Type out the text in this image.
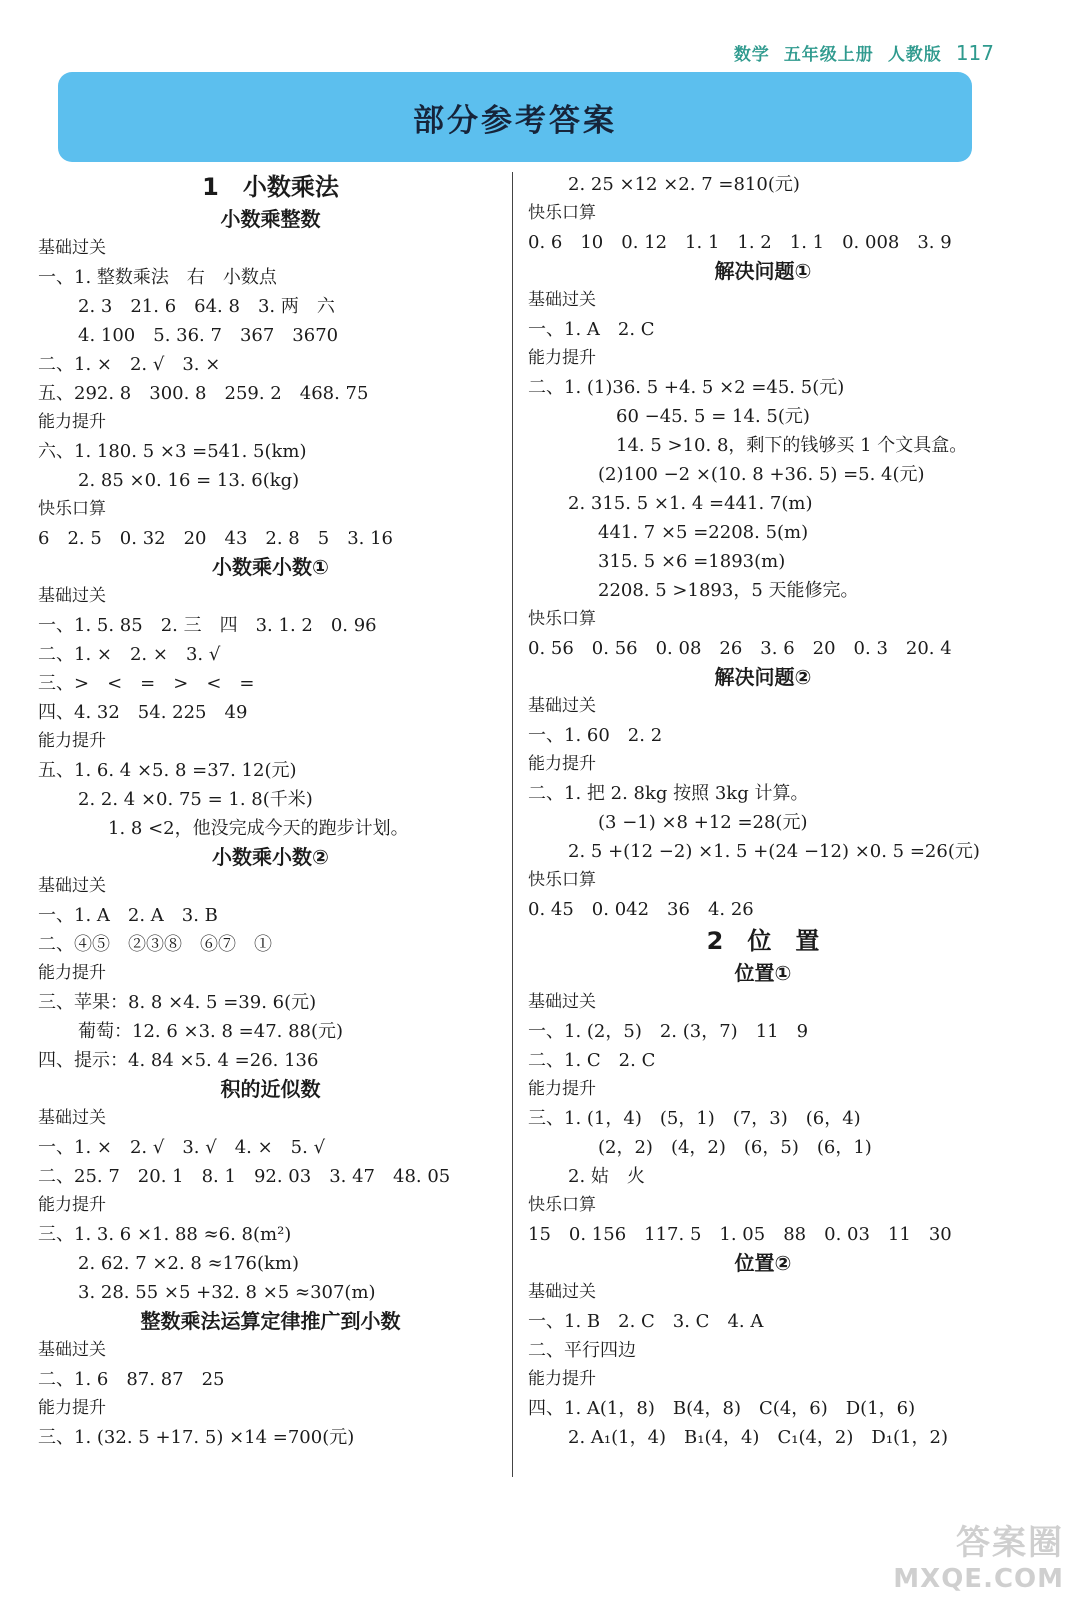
数学 五年级上册 人教版 117
部分参考答案
1　小数乘法
小数乘整数
基础过关
一、1. 整数乘法　右　小数点
2. 3　21. 6　64. 8　3. 两　六
4. 100　5. 36. 7　367　3670
二、1. ×　2. √　3. ×
五、292. 8　300. 8　259. 2　468. 75
能力提升
六、1. 180. 5 ×3 =541. 5(km)
2. 85 ×0. 16 = 13. 6(kg)
快乐口算
6　2. 5　0. 32　20　43　2. 8　5　3. 16
小数乘小数①
基础过关
一、1. 5. 85　2. 三　四　3. 1. 2　0. 96
二、1. ×　2. ×　3. √
三、>　<　=　>　<　=
四、4. 32　54. 225　49
能力提升
五、1. 6. 4 ×5. 8 =37. 12(元)
2. 2. 4 ×0. 75 = 1. 8(千米)
1. 8 <2，他没完成今天的跑步计划。
小数乘小数②
基础过关
一、1. A　2. A　3. B
二、④⑤　②③⑧　⑥⑦　①
能力提升
三、苹果：8. 8 ×4. 5 =39. 6(元)
葡萄：12. 6 ×3. 8 =47. 88(元)
四、提示：4. 84 ×5. 4 =26. 136
积的近似数
基础过关
一、1. ×　2. √　3. √　4. ×　5. √
二、25. 7　20. 1　8. 1　92. 03　3. 47　48. 05
能力提升
三、1. 3. 6 ×1. 88 ≈6. 8(m²)
2. 62. 7 ×2. 8 ≈176(km)
3. 28. 55 ×5 +32. 8 ×5 ≈307(m)
整数乘法运算定律推广到小数
基础过关
二、1. 6　87. 87　25
能力提升
三、1. (32. 5 +17. 5) ×14 =700(元)
2. 25 ×12 ×2. 7 =810(元)
快乐口算
0. 6　10　0. 12　1. 1　1. 2　1. 1　0. 008　3. 9
解决问题①
基础过关
一、1. A　2. C
能力提升
二、1. (1)36. 5 +4. 5 ×2 =45. 5(元)
60 −45. 5 = 14. 5(元)
14. 5 >10. 8，剩下的钱够买 1 个文具盒。
(2)100 −2 ×(10. 8 +36. 5) =5. 4(元)
2. 315. 5 ×1. 4 =441. 7(m)
441. 7 ×5 =2208. 5(m)
315. 5 ×6 =1893(m)
2208. 5 >1893，5 天能修完。
快乐口算
0. 56　0. 56　0. 08　26　3. 6　20　0. 3　20. 4
解决问题②
基础过关
一、1. 60　2. 2
能力提升
二、1. 把 2. 8kg 按照 3kg 计算。
(3 −1) ×8 +12 =28(元)
2. 5 +(12 −2) ×1. 5 +(24 −12) ×0. 5 =26(元)
快乐口算
0. 45　0. 042　36　4. 26
2　位　置
位置①
基础过关
一、1. (2，5)　2. (3，7)　11　9
二、1. C　2. C
能力提升
三、1. (1，4)　(5，1)　(7，3)　(6，4)
(2，2)　(4，2)　(6，5)　(6，1)
2. 姑　火
快乐口算
15　0. 156　117. 5　1. 05　88　0. 03　11　30
位置②
基础过关
一、1. B　2. C　3. C　4. A
二、平行四边
能力提升
四、1. A(1，8)　B(4，8)　C(4，6)　D(1，6)
2. A₁(1，4)　B₁(4，4)　C₁(4，2)　D₁(1，2)
答案圈
MXQE.COM
